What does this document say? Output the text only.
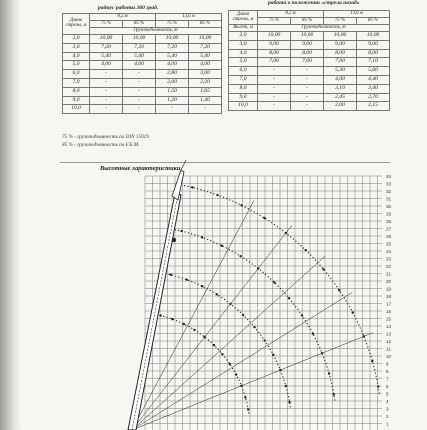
радиус работы 360 град.
Длина стрелы, м	8,2 м		13,6 м	
	75 %	85 %	75 %	85 %
	Грузоподъемность, т			
2,0	10,00	10,00	10,00	10,00
3,0	7,20	7,20	7,20	7,20
4,0	5,40	5,40	5,40	5,40
5,0	4,00	4,00	4,00	4,00
6,0	-	-	2,80	3,00
7,0	-	-	2,00	2,20
8,0	-	-	1,50	1,65
9,0	-	-	1,20	1,40
10,0	-	-	-	-
работа в положении «стрела назад»
Длина стрелы, м	8,2 м		13,6 м	
	75 %	85 %	75 %	85 %
Вылет, м	Грузоподъемность, т			
2,0	10,00	10,00	10,00	10,00
3,0	9,00	9,00	9,00	9,00
4,0	8,00	8,00	8,00	8,00
5,0	7,00	7,00	7,00	7,10
6,0	-	-	5,30	5,60
7,0	-	-	4,00	4,40
8,0	-	-	3,10	3,40
9,0	-	-	2,45	2,70
10,0	-	-	2,00	2,15
75 % - грузоподъемность по DIN 15019
85 % - грузоподъемность по F.E.M.
Высотные характеристики
34
33
32
31
30
29
28
27
26
25
24
23
22
21
20
19
18
17
16
15
14
13
12
11
10
9
8
7
6
5
4
3
2
1
